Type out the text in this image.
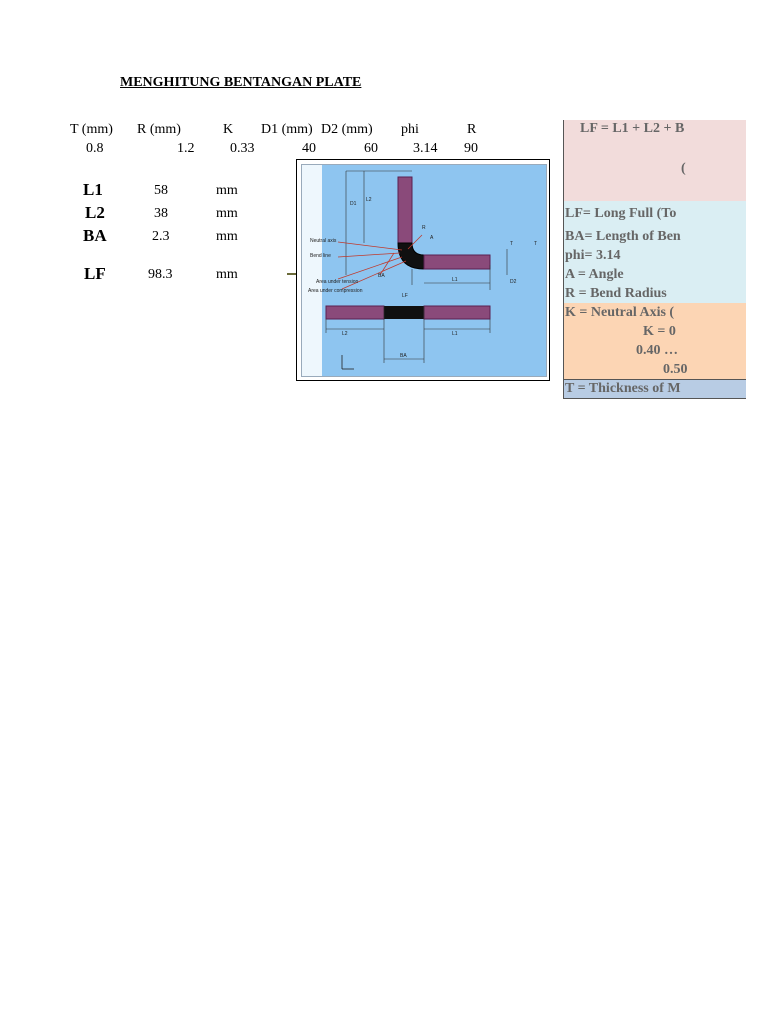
MENGHITUNG BENTANGAN PLATE
T (mm) R (mm)	K D1 (mm) D2 (mm) phi	R
0.8	1.2	0.33	40	60	3.14 90
L1	58	mm
L2	38	mm
BA	2.3	mm
LF	98.3	mm
D1
L2
R
A
Neutral axis
Bend line
Area under tension
Area under compression
BA
LF
L1	D2
T	T
L2	L1
BA
LF = L1 + L2 + B
(
LF= Long Full (To
BA= Length of Ben
phi= 3.14
A = Angle
R = Bend Radius
K = Neutral Axis (
K = 0
0.40 …
0.50
T = Thickness of M
